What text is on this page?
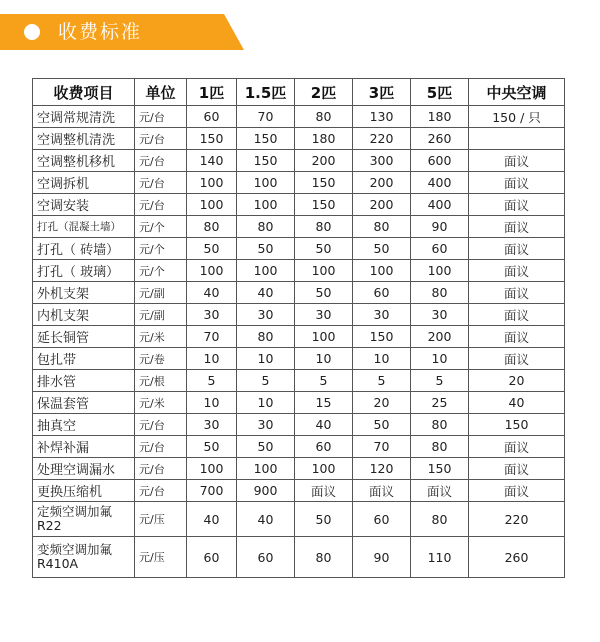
收费标准
收费项目	单位	1匹	1.5匹	2匹	3匹	5匹	中央空调
空调常规清洗	元/台	60	70	80	130	180	150 / 只
空调整机清洗	元/台	150	150	180	220	260	
空调整机移机	元/台	140	150	200	300	600	面议
空调拆机	元/台	100	100	150	200	400	面议
空调安装	元/台	100	100	150	200	400	面议
打孔（混凝土墙）	元/个	80	80	80	80	90	面议
打孔（ 砖墙）	元/个	50	50	50	50	60	面议
打孔（ 玻璃）	元/个	100	100	100	100	100	面议
外机支架	元/副	40	40	50	60	80	面议
内机支架	元/副	30	30	30	30	30	面议
延长铜管	元/米	70	80	100	150	200	面议
包扎带	元/卷	10	10	10	10	10	面议
排水管	元/根	5	5	5	5	5	20
保温套管	元/米	10	10	15	20	25	40
抽真空	元/台	30	30	40	50	80	150
补焊补漏	元/台	50	50	60	70	80	面议
处理空调漏水	元/台	100	100	100	120	150	面议
更换压缩机	元/台	700	900	面议	面议	面议	面议
定频空调加氟R22	元/压	40	40	50	60	80	220
变频空调加氟R410A	元/压	60	60	80	90	110	260
